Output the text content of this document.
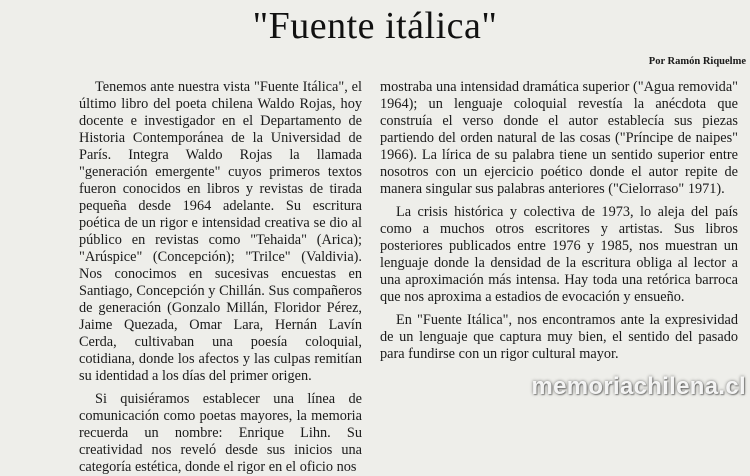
"Fuente itálica"
Por Ramón Riquelme

Tenemos ante nuestra vista "Fuente Itálica", el último libro del poeta chilena Waldo Rojas, hoy docente e investigador en el Departamento de Historia Contemporánea de la Universidad de París. Integra Waldo Rojas la llamada "generación emergente" cuyos primeros textos fueron conocidos en libros y revistas de tirada pequeña desde 1964 adelante. Su escritura poética de un rigor e intensidad creativa se dio al público en revistas como "Tehaida" (Arica); "Arúspice" (Concepción); "Trilce" (Valdivia). Nos conocimos en sucesivas encuestas en Santiago, Concepción y Chillán. Sus compañeros de generación (Gonzalo Millán, Floridor Pérez, Jaime Quezada, Omar Lara, Hernán Lavín Cerda, cultivaban una poesía coloquial, cotidiana, donde los afectos y las culpas remitían su identidad a los días del primer origen.

Si quisiéramos establecer una línea de comunicación como poetas mayores, la memoria recuerda un nombre: Enrique Lihn. Su creatividad nos reveló desde sus inicios una categoría estética, donde el rigor en el oficio nos

mostraba una intensidad dramática superior ("Agua removida" 1964); un lenguaje coloquial revestía la anécdota que construía el verso donde el autor establecía sus piezas partiendo del orden natural de las cosas ("Príncipe de naipes" 1966). La lírica de su palabra tiene un sentido superior entre nosotros con un ejercicio poético donde el autor repite de manera singular sus palabras anteriores ("Cielorraso" 1971).

La crisis histórica y colectiva de 1973, lo aleja del país como a muchos otros escritores y artistas. Sus libros posteriores publicados entre 1976 y 1985, nos muestran un lenguaje donde la densidad de la escritura obliga al lector a una aproximación más intensa. Hay toda una retórica barroca que nos aproxima a estadios de evocación y ensueño.

En "Fuente Itálica", nos encontramos ante la expresividad de un lenguaje que captura muy bien, el sentido del pasado para fundirse con un rigor cultural mayor.

memoriachilena.cl
